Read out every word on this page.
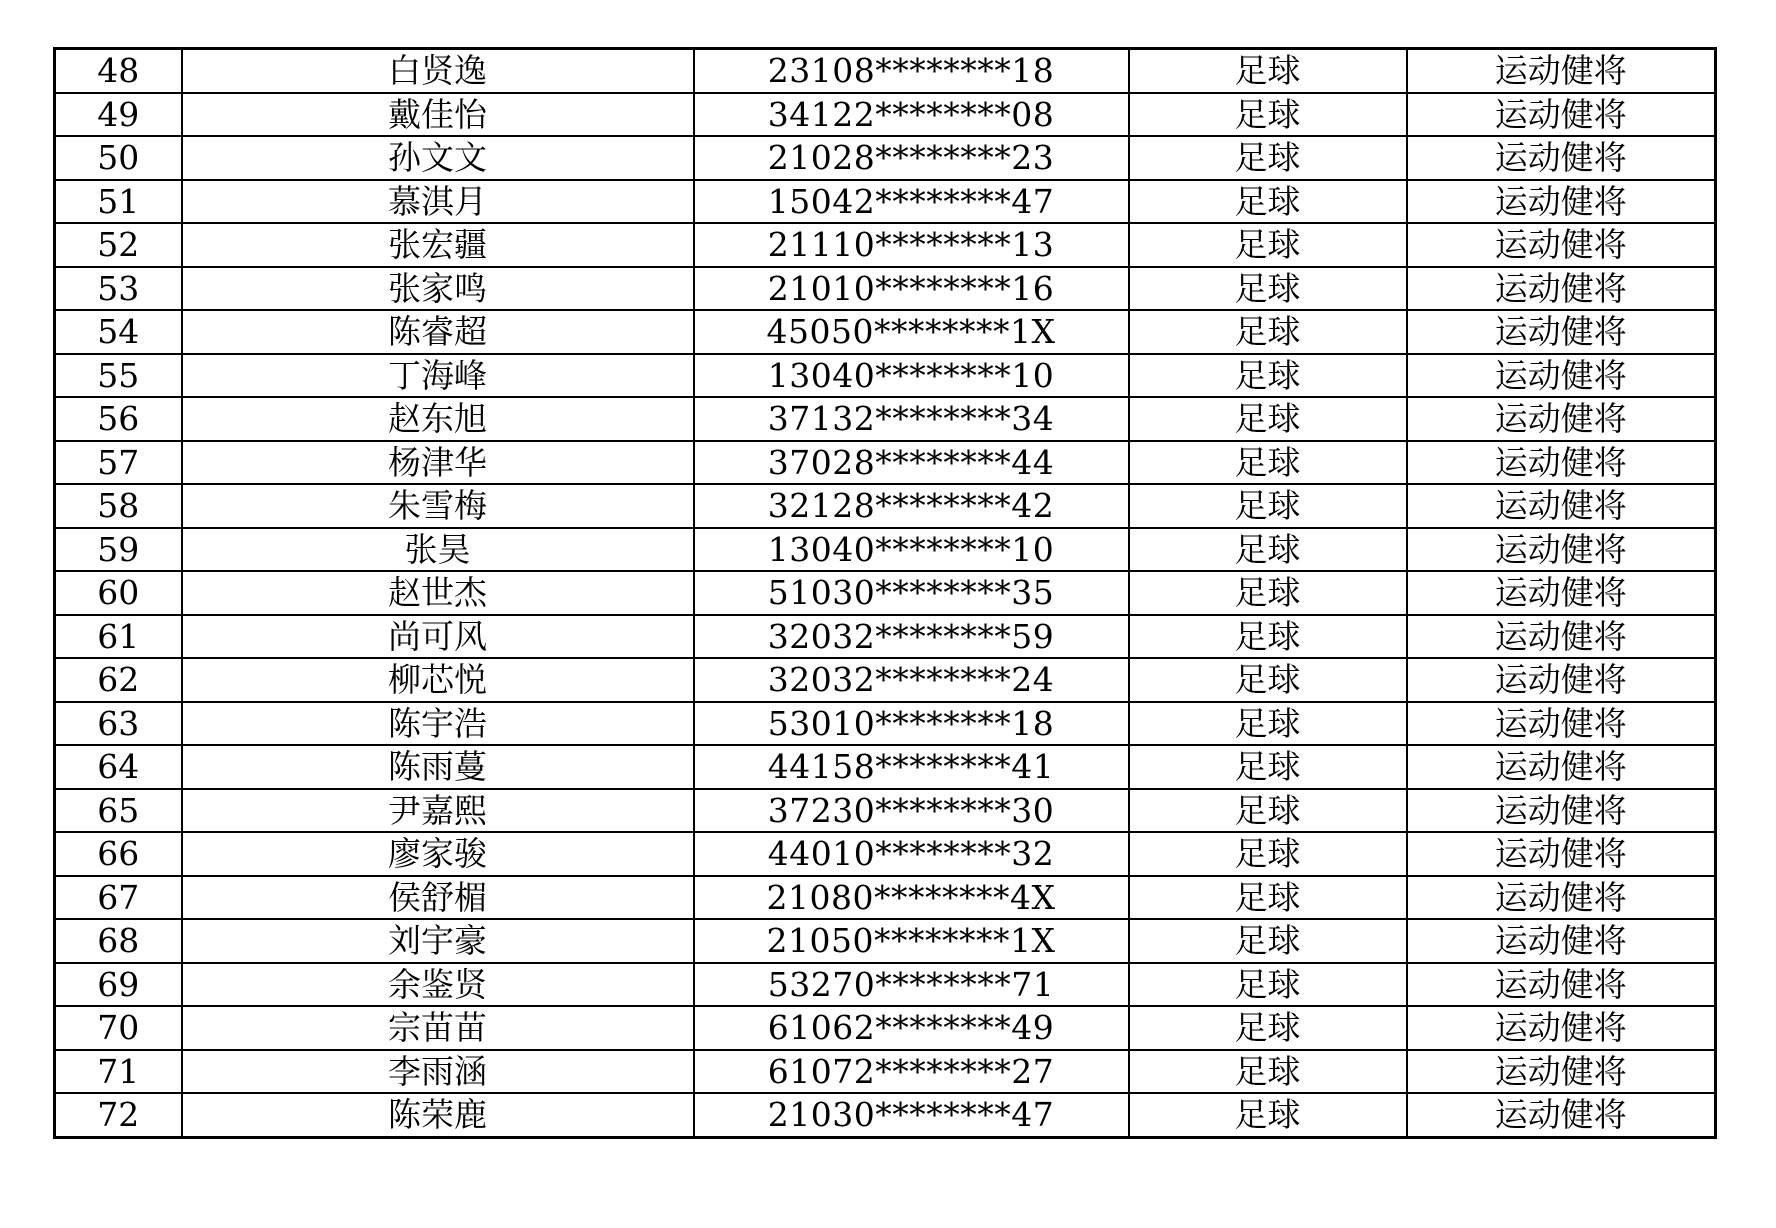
48	白贤逸	23108********18	足球	运动健将
49	戴佳怡	34122********08	足球	运动健将
50	孙文文	21028********23	足球	运动健将
51	慕淇月	15042********47	足球	运动健将
52	张宏疆	21110********13	足球	运动健将
53	张家鸣	21010********16	足球	运动健将
54	陈睿超	45050********1X	足球	运动健将
55	丁海峰	13040********10	足球	运动健将
56	赵东旭	37132********34	足球	运动健将
57	杨津华	37028********44	足球	运动健将
58	朱雪梅	32128********42	足球	运动健将
59	张昊	13040********10	足球	运动健将
60	赵世杰	51030********35	足球	运动健将
61	尚可风	32032********59	足球	运动健将
62	柳芯悦	32032********24	足球	运动健将
63	陈宇浩	53010********18	足球	运动健将
64	陈雨蔓	44158********41	足球	运动健将
65	尹嘉熙	37230********30	足球	运动健将
66	廖家骏	44010********32	足球	运动健将
67	侯舒楣	21080********4X	足球	运动健将
68	刘宇豪	21050********1X	足球	运动健将
69	余鉴贤	53270********71	足球	运动健将
70	宗苗苗	61062********49	足球	运动健将
71	李雨涵	61072********27	足球	运动健将
72	陈荣鹿	21030********47	足球	运动健将
